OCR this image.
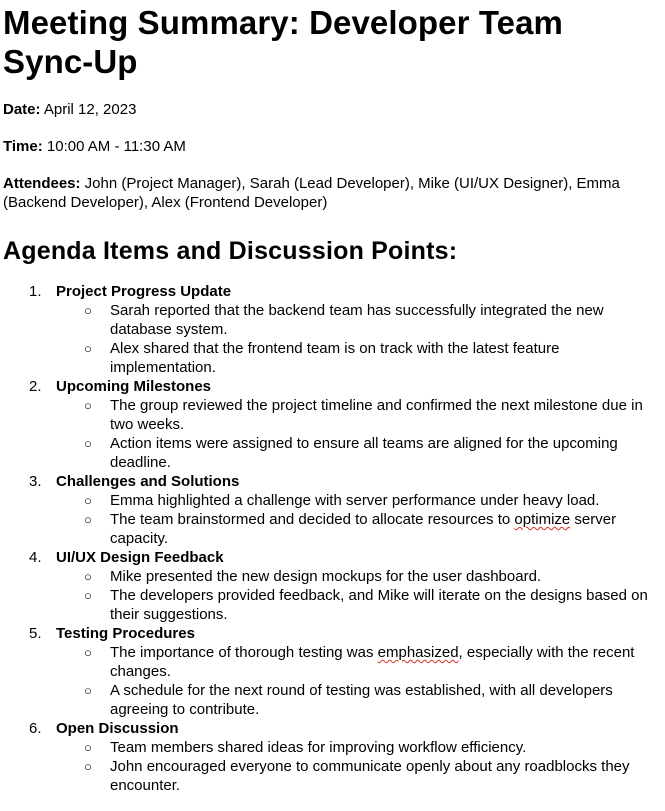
Meeting Summary: Developer Team Sync-Up

Date: April 12, 2023

Time: 10:00 AM - 11:30 AM

Attendees: John (Project Manager), Sarah (Lead Developer), Mike (UI/UX Designer), Emma (Backend Developer), Alex (Frontend Developer)

Agenda Items and Discussion Points:
1. Project Progress Update
○ Sarah reported that the backend team has successfully integrated the new database system.
○ Alex shared that the frontend team is on track with the latest feature implementation.
2. Upcoming Milestones
○ The group reviewed the project timeline and confirmed the next milestone due in two weeks.
○ Action items were assigned to ensure all teams are aligned for the upcoming deadline.
3. Challenges and Solutions
○ Emma highlighted a challenge with server performance under heavy load.
○ The team brainstormed and decided to allocate resources to optimize server capacity.
4. UI/UX Design Feedback
○ Mike presented the new design mockups for the user dashboard.
○ The developers provided feedback, and Mike will iterate on the designs based on their suggestions.
5. Testing Procedures
○ The importance of thorough testing was emphasized, especially with the recent changes.
○ A schedule for the next round of testing was established, with all developers agreeing to contribute.
6. Open Discussion
○ Team members shared ideas for improving workflow efficiency.
○ John encouraged everyone to communicate openly about any roadblocks they encounter.
